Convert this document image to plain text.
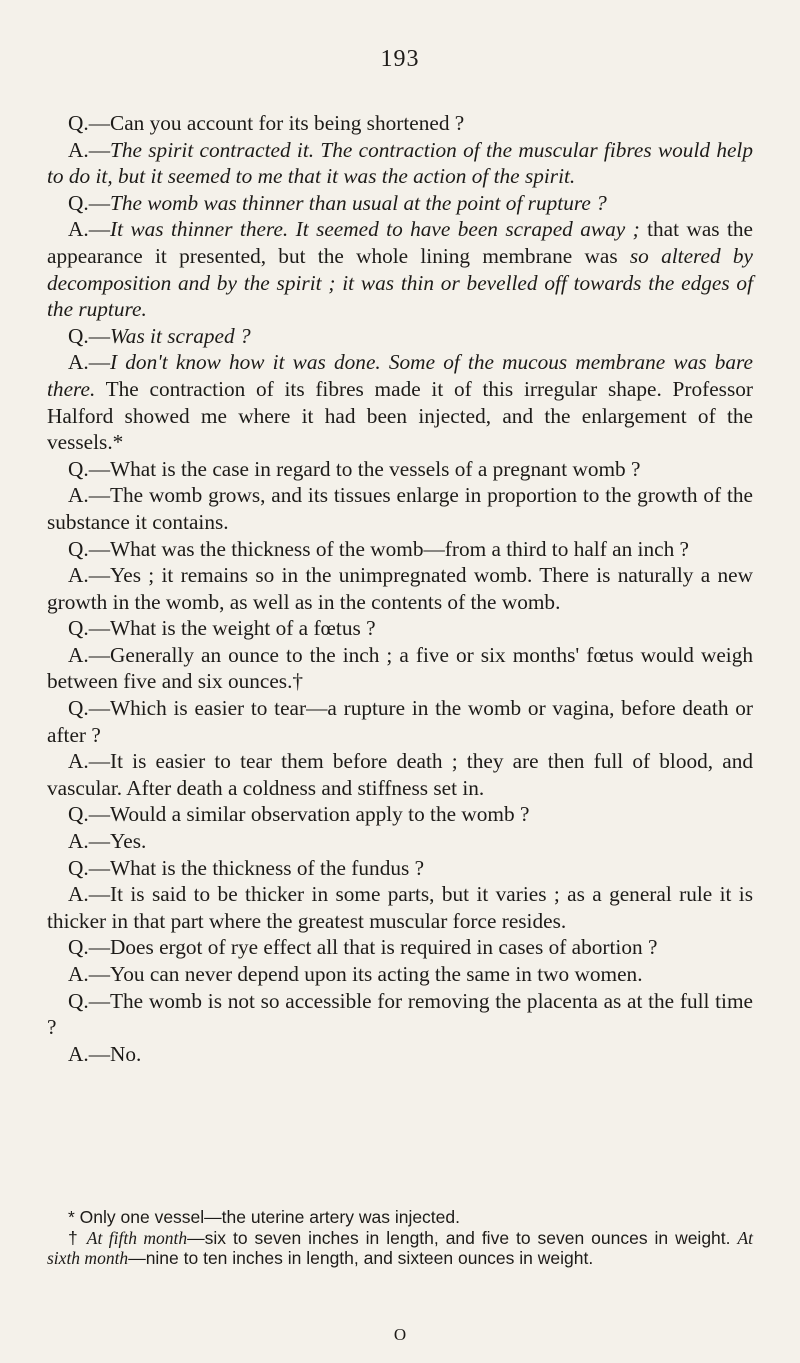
193

Q.—Can you account for its being shortened ?

A.—The spirit contracted it. The contraction of the muscular fibres would help to do it, but it seemed to me that it was the action of the spirit.

Q.—The womb was thinner than usual at the point of rupture ?

A.—It was thinner there. It seemed to have been scraped away ; that was the appearance it presented, but the whole lining membrane was so altered by decomposition and by the spirit ; it was thin or bevelled off towards the edges of the rupture.

Q.—Was it scraped ?

A.—I don't know how it was done. Some of the mucous membrane was bare there. The contraction of its fibres made it of this irregular shape. Professor Halford showed me where it had been injected, and the enlargement of the vessels.*

Q.—What is the case in regard to the vessels of a pregnant womb ?

A.—The womb grows, and its tissues enlarge in proportion to the growth of the substance it contains.

Q.—What was the thickness of the womb—from a third to half an inch ?

A.—Yes ; it remains so in the unimpregnated womb. There is naturally a new growth in the womb, as well as in the contents of the womb.

Q.—What is the weight of a fœtus ?

A.—Generally an ounce to the inch ; a five or six months' fœtus would weigh between five and six ounces.†

Q.—Which is easier to tear—a rupture in the womb or vagina, before death or after ?

A.—It is easier to tear them before death ; they are then full of blood, and vascular. After death a coldness and stiffness set in.

Q.—Would a similar observation apply to the womb ?

A.—Yes.

Q.—What is the thickness of the fundus ?

A.—It is said to be thicker in some parts, but it varies ; as a general rule it is thicker in that part where the greatest muscular force resides.

Q.—Does ergot of rye effect all that is required in cases of abortion ?

A.—You can never depend upon its acting the same in two women.

Q.—The womb is not so accessible for removing the placenta as at the full time ?

A.—No.

* Only one vessel—the uterine artery was injected.

† At fifth month—six to seven inches in length, and five to seven ounces in weight. At sixth month—nine to ten inches in length, and sixteen ounces in weight.

O
